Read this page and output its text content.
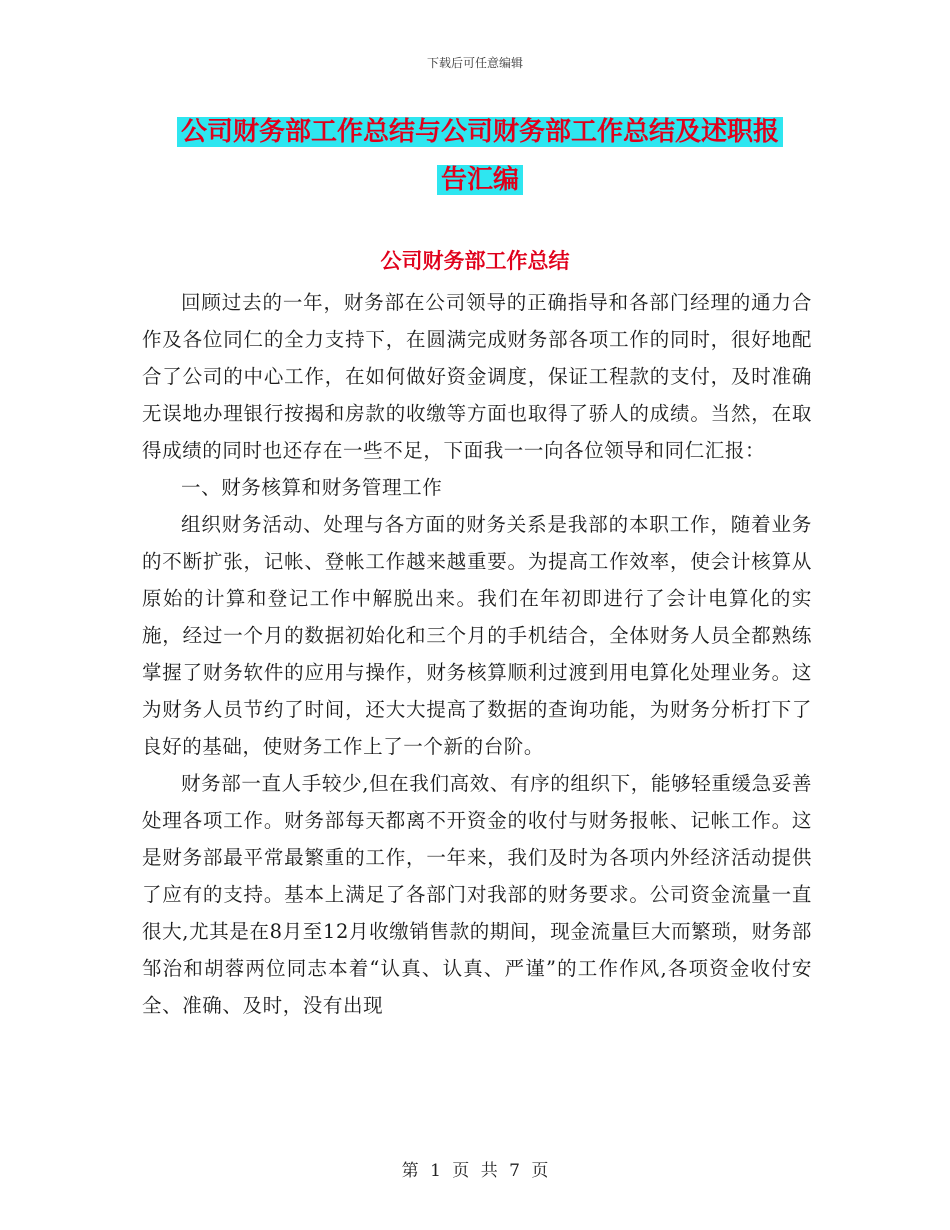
下载后可任意编辑
公司财务部工作总结与公司财务部工作总结及述职报
告汇编
公司财务部工作总结

回顾过去的一年，财务部在公司领导的正确指导和各部门经理的通力合作及各位同仁的全力支持下，在圆满完成财务部各项工作的同时，很好地配合了公司的中心工作，在如何做好资金调度，保证工程款的支付，及时准确无误地办理银行按揭和房款的收缴等方面也取得了骄人的成绩。当然，在取得成绩的同时也还存在一些不足，下面我一一向各位领导和同仁汇报：

一、财务核算和财务管理工作

组织财务活动、处理与各方面的财务关系是我部的本职工作，随着业务的不断扩张，记帐、登帐工作越来越重要。为提高工作效率，使会计核算从原始的计算和登记工作中解脱出来。我们在年初即进行了会计电算化的实施，经过一个月的数据初始化和三个月的手机结合，全体财务人员全都熟练掌握了财务软件的应用与操作，财务核算顺利过渡到用电算化处理业务。这为财务人员节约了时间，还大大提高了数据的查询功能，为财务分析打下了良好的基础，使财务工作上了一个新的台阶。

财务部一直人手较少,但在我们高效、有序的组织下，能够轻重缓急妥善处理各项工作。财务部每天都离不开资金的收付与财务报帐、记帐工作。这是财务部最平常最繁重的工作，一年来，我们及时为各项内外经济活动提供了应有的支持。基本上满足了各部门对我部的财务要求。公司资金流量一直很大,尤其是在8月至12月收缴销售款的期间，现金流量巨大而繁琐，财务部邹治和胡蓉两位同志本着“认真、认真、严谨”的工作作风,各项资金收付安全、准确、及时，没有出现

第 1 页 共 7 页
